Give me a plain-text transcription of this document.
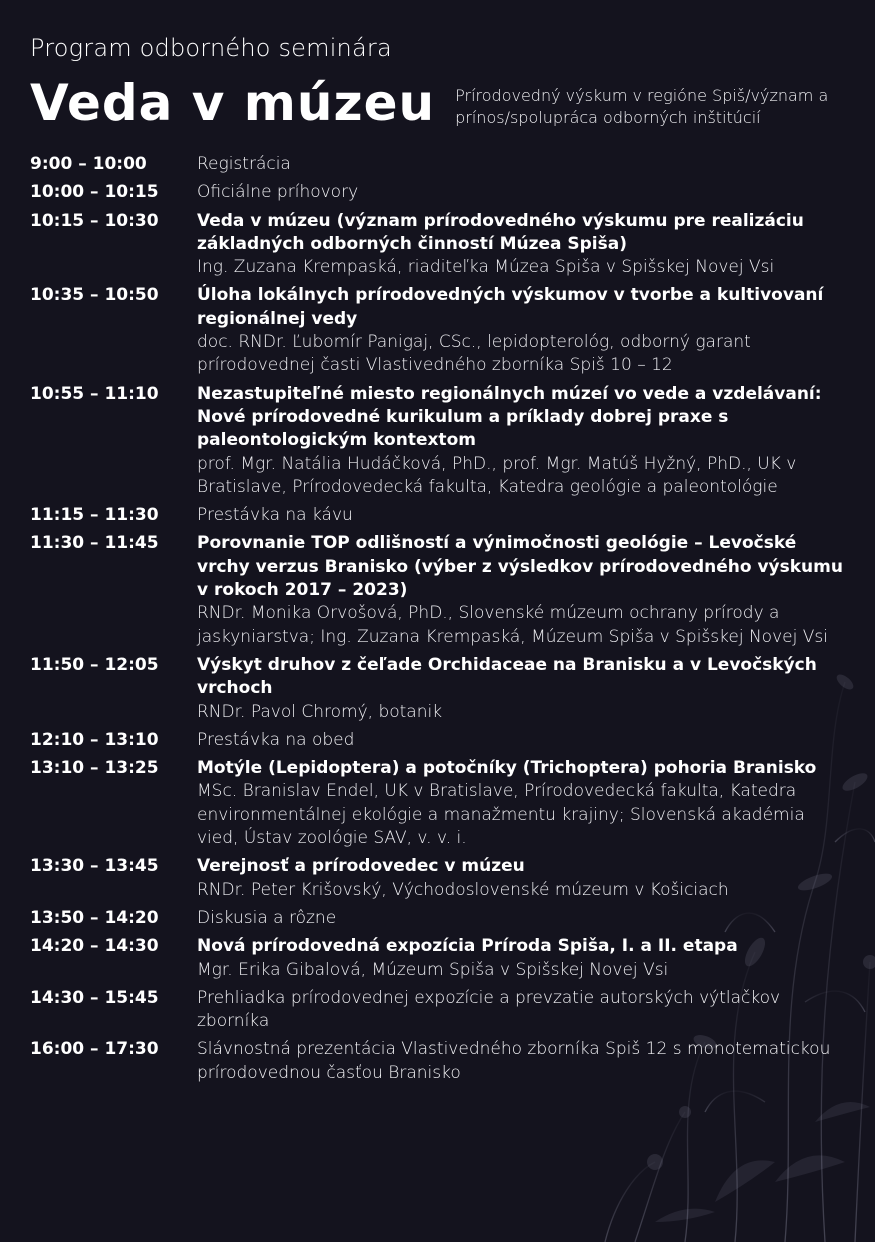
Program odborného seminára

Veda v múzeu Prírodovedný výskum v regióne Spiš/význam a prínos/spolupráca odborných inštitúcií
9:00 – 10:00	Registrácia
10:00 – 10:15	Oficiálne príhovory
10:15 – 10:30	Veda v múzeu (význam prírodovedného výskumu pre realizáciu základných odborných činností Múzea Spiša)
Ing. Zuzana Krempaská, riaditeľka Múzea Spiša v Spišskej Novej Vsi
10:35 – 10:50	Úloha lokálnych prírodovedných výskumov v tvorbe a kultivovaní regionálnej vedy
doc. RNDr. Ľubomír Panigaj, CSc., lepidopterológ, odborný garant prírodovednej časti Vlastivedného zborníka Spiš 10 – 12
10:55 – 11:10	Nezastupiteľné miesto regionálnych múzeí vo vede a vzdelávaní: Nové prírodovedné kurikulum a príklady dobrej praxe s paleontologickým kontextom
prof. Mgr. Natália Hudáčková, PhD., prof. Mgr. Matúš Hyžný, PhD., UK v Bratislave, Prírodovedecká fakulta, Katedra geológie a paleontológie
11:15 – 11:30	Prestávka na kávu
11:30 – 11:45	Porovnanie TOP odlišností a výnimočnosti geológie – Levočské vrchy verzus Branisko (výber z výsledkov prírodovedného výskumu v rokoch 2017 – 2023)
RNDr. Monika Orvošová, PhD., Slovenské múzeum ochrany prírody a jaskyniarstva; Ing. Zuzana Krempaská, Múzeum Spiša v Spišskej Novej Vsi
11:50 – 12:05	Výskyt druhov z čeľade Orchidaceae na Branisku a v Levočských vrchoch
RNDr. Pavol Chromý, botanik
12:10 – 13:10	Prestávka na obed
13:10 – 13:25	Motýle (Lepidoptera) a potočníky (Trichoptera) pohoria Branisko
MSc. Branislav Endel, UK v Bratislave, Prírodovedecká fakulta, Katedra environmentálnej ekológie a manažmentu krajiny; Slovenská akadémia vied, Ústav zoológie SAV, v. v. i.
13:30 – 13:45	Verejnosť a prírodovedec v múzeu
RNDr. Peter Krišovský, Východoslovenské múzeum v Košiciach
13:50 – 14:20	Diskusia a rôzne
14:20 – 14:30	Nová prírodovedná expozícia Príroda Spiša, I. a II. etapa
Mgr. Erika Gibalová, Múzeum Spiša v Spišskej Novej Vsi
14:30 – 15:45	Prehliadka prírodovednej expozície a prevzatie autorských výtlačkov zborníka
16:00 – 17:30	Slávnostná prezentácia Vlastivedného zborníka Spiš 12 s monotematickou prírodovednou časťou Branisko
